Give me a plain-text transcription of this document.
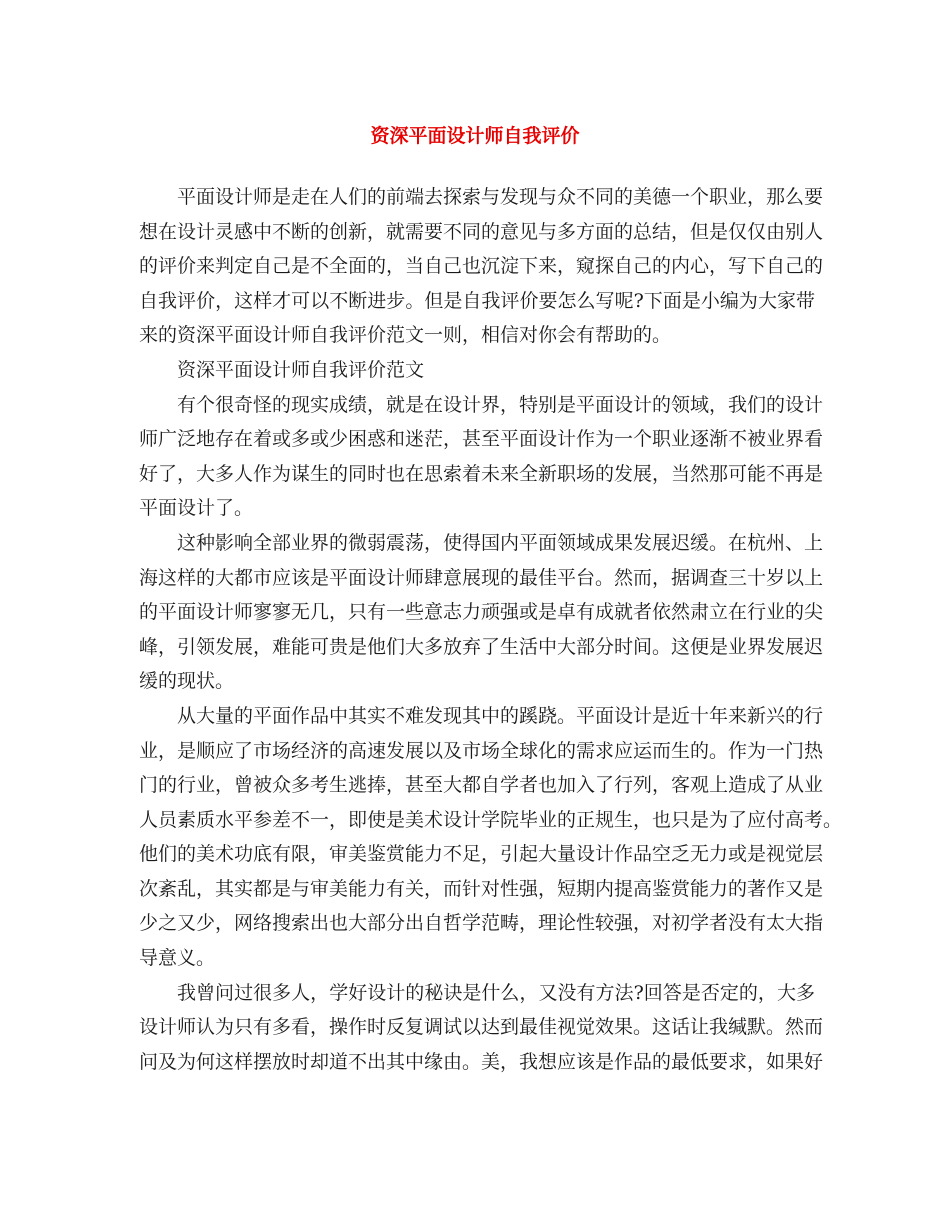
资深平面设计师自我评价

平面设计师是走在人们的前端去探索与发现与众不同的美德一个职业，那么要
想在设计灵感中不断的创新，就需要不同的意见与多方面的总结，但是仅仅由别人
的评价来判定自己是不全面的，当自己也沉淀下来，窥探自己的内心，写下自己的
自我评价，这样才可以不断进步。但是自我评价要怎么写呢?下面是小编为大家带
来的资深平面设计师自我评价范文一则，相信对你会有帮助的。

资深平面设计师自我评价范文

有个很奇怪的现实成绩，就是在设计界，特别是平面设计的领域，我们的设计
师广泛地存在着或多或少困惑和迷茫，甚至平面设计作为一个职业逐渐不被业界看
好了，大多人作为谋生的同时也在思索着未来全新职场的发展，当然那可能不再是
平面设计了。

这种影响全部业界的微弱震荡，使得国内平面领域成果发展迟缓。在杭州、上
海这样的大都市应该是平面设计师肆意展现的最佳平台。然而，据调查三十岁以上
的平面设计师寥寥无几，只有一些意志力顽强或是卓有成就者依然肃立在行业的尖
峰，引领发展，难能可贵是他们大多放弃了生活中大部分时间。这便是业界发展迟
缓的现状。

从大量的平面作品中其实不难发现其中的蹊跷。平面设计是近十年来新兴的行
业，是顺应了市场经济的高速发展以及市场全球化的需求应运而生的。作为一门热
门的行业，曾被众多考生逃捧，甚至大都自学者也加入了行列，客观上造成了从业
人员素质水平参差不一，即使是美术设计学院毕业的正规生，也只是为了应付高考。
他们的美术功底有限，审美鉴赏能力不足，引起大量设计作品空乏无力或是视觉层
次紊乱，其实都是与审美能力有关，而针对性强，短期内提高鉴赏能力的著作又是
少之又少，网络搜索出也大部分出自哲学范畴，理论性较强，对初学者没有太大指
导意义。

我曾问过很多人，学好设计的秘诀是什么，又没有方法?回答是否定的，大多
设计师认为只有多看，操作时反复调试以达到最佳视觉效果。这话让我缄默。然而
问及为何这样摆放时却道不出其中缘由。美，我想应该是作品的最低要求，如果好
